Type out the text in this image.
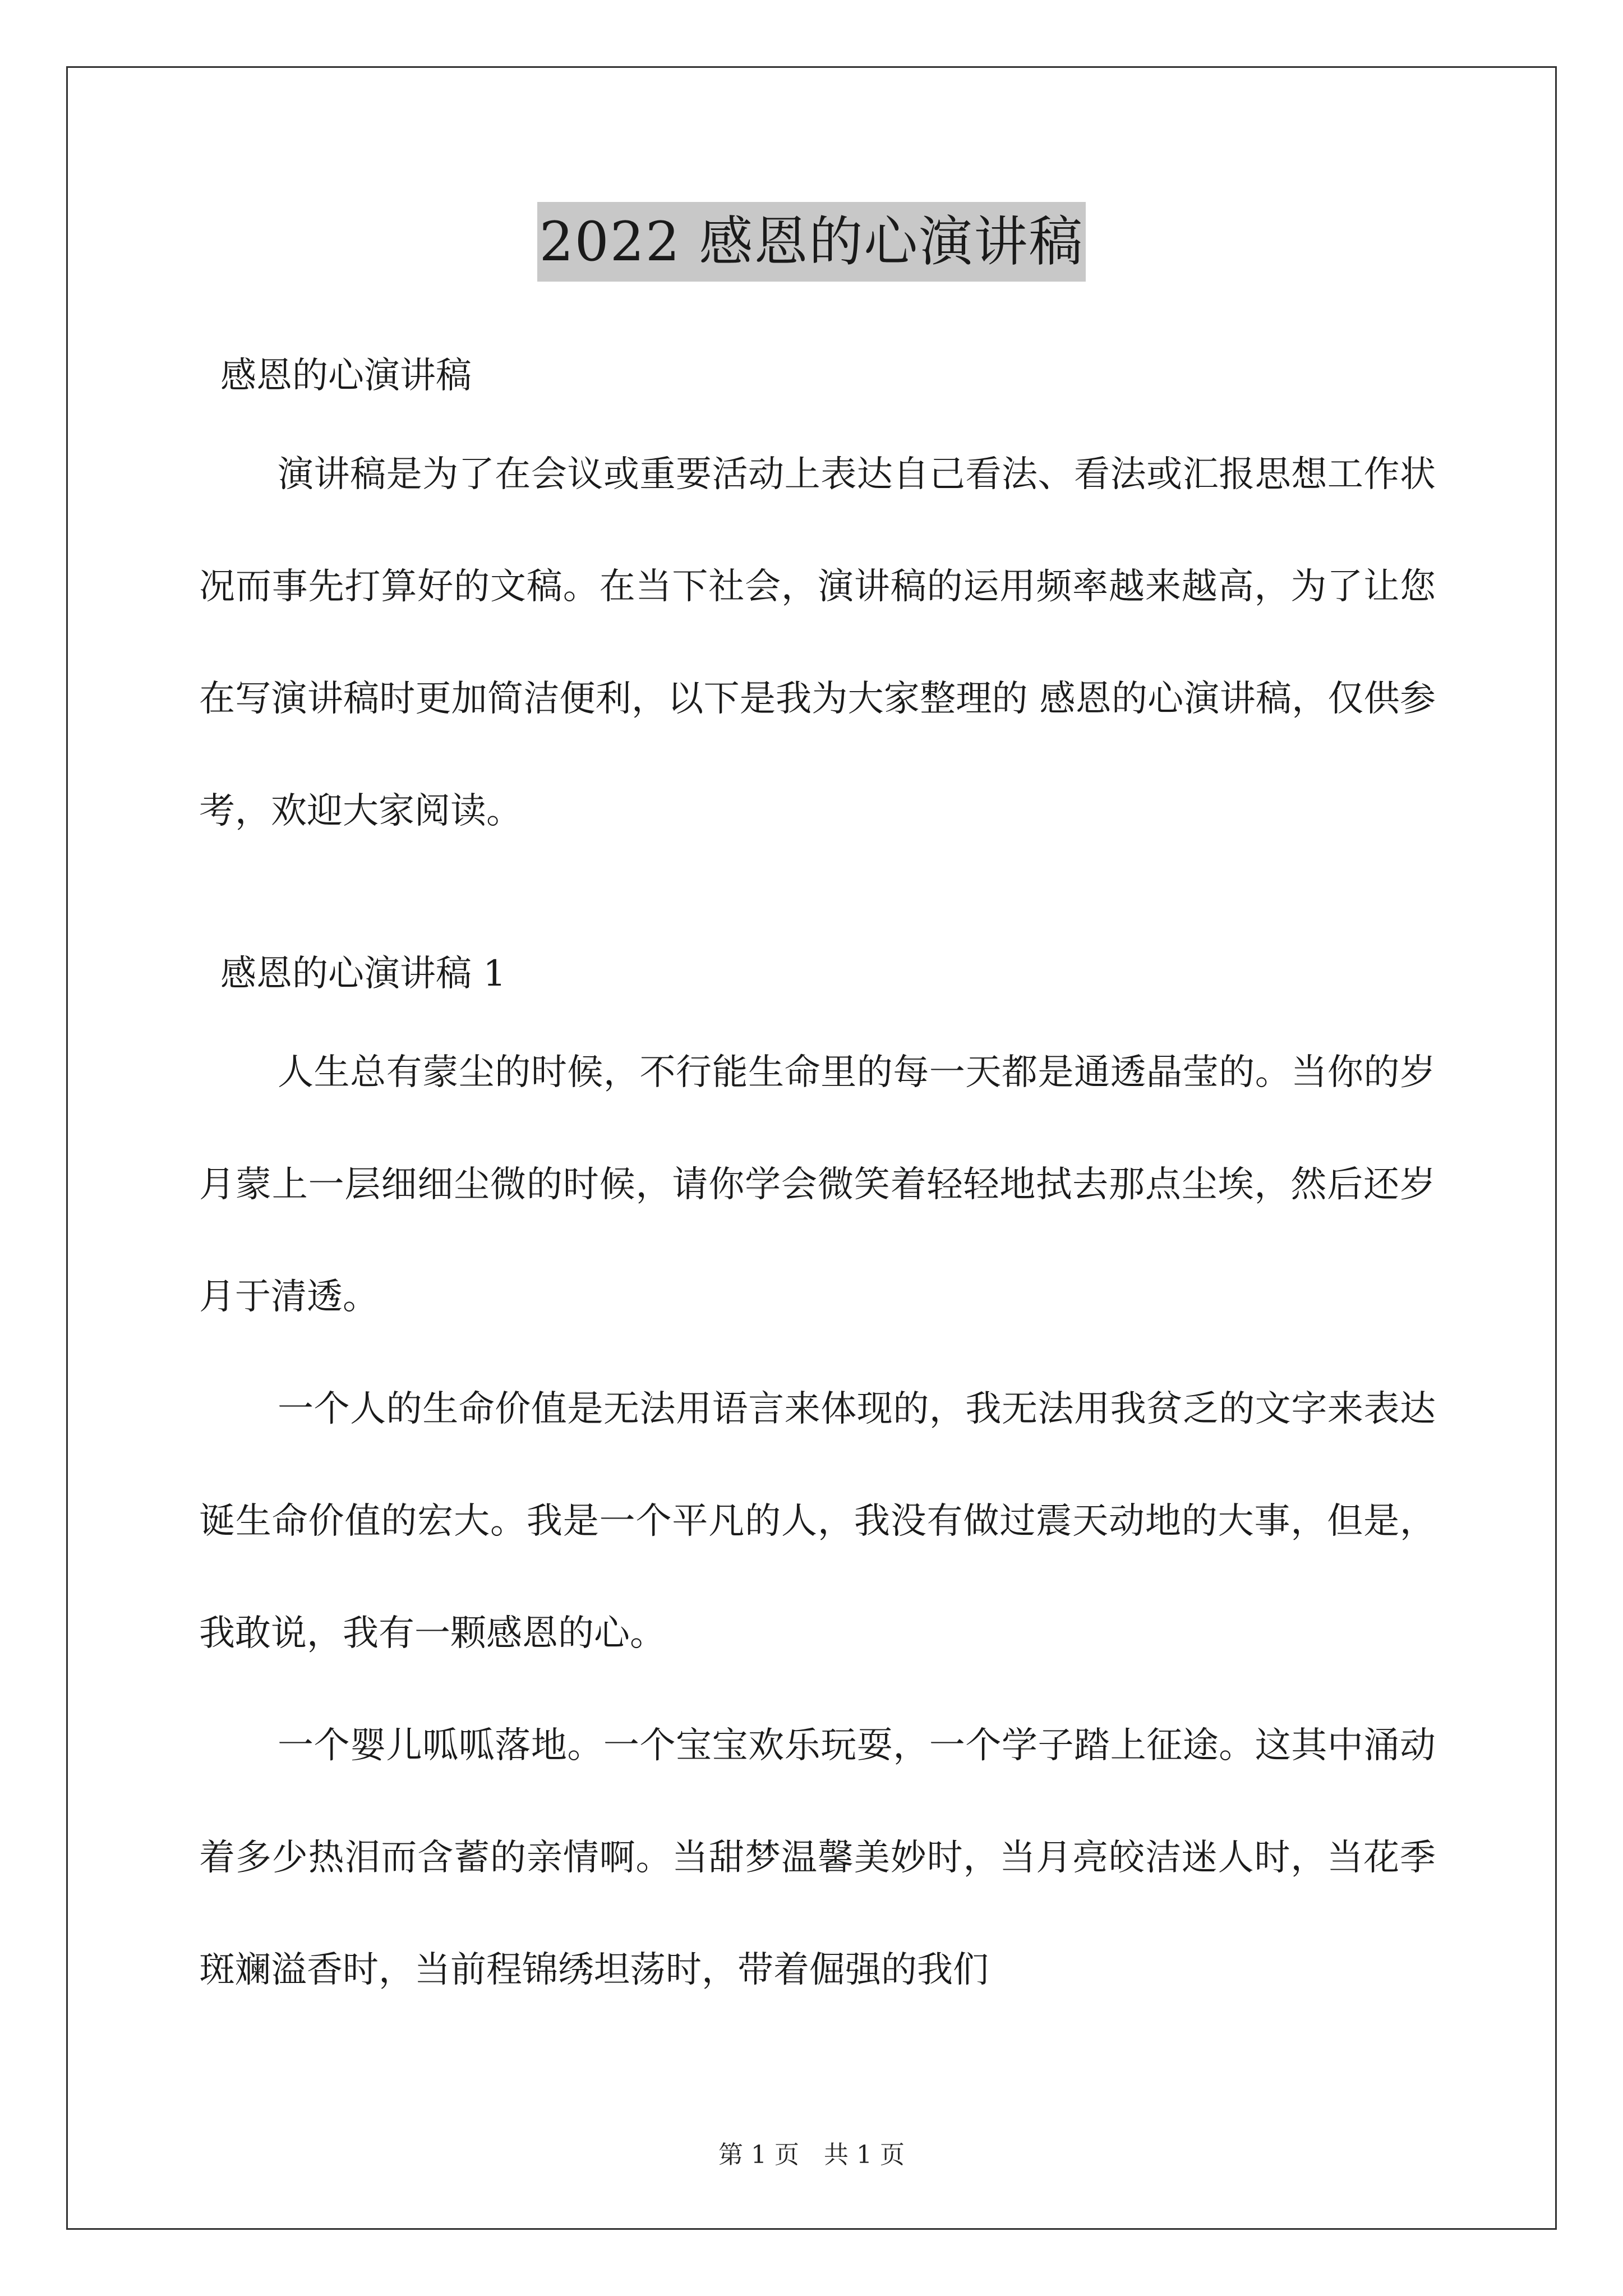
2022 感恩的心演讲稿

感恩的心演讲稿

演讲稿是为了在会议或重要活动上表达自己看法、看法或汇报思想工作状况而事先打算好的文稿。在当下社会，演讲稿的运用频率越来越高，为了让您在写演讲稿时更加简洁便利，以下是我为大家整理的 感恩的心演讲稿，仅供参考，欢迎大家阅读。

感恩的心演讲稿 1

人生总有蒙尘的时候，不行能生命里的每一天都是通透晶莹的。当你的岁月蒙上一层细细尘微的时候，请你学会微笑着轻轻地拭去那点尘埃，然后还岁月于清透。

一个人的生命价值是无法用语言来体现的，我无法用我贫乏的文字来表达诞生命价值的宏大。我是一个平凡的人，我没有做过震天动地的大事，但是，我敢说，我有一颗感恩的心。

一个婴儿呱呱落地。一个宝宝欢乐玩耍，一个学子踏上征途。这其中涌动着多少热泪而含蓄的亲情啊。当甜梦温馨美妙时，当月亮皎洁迷人时，当花季斑斓溢香时，当前程锦绣坦荡时，带着倔强的我们

第 1 页　共 1 页
